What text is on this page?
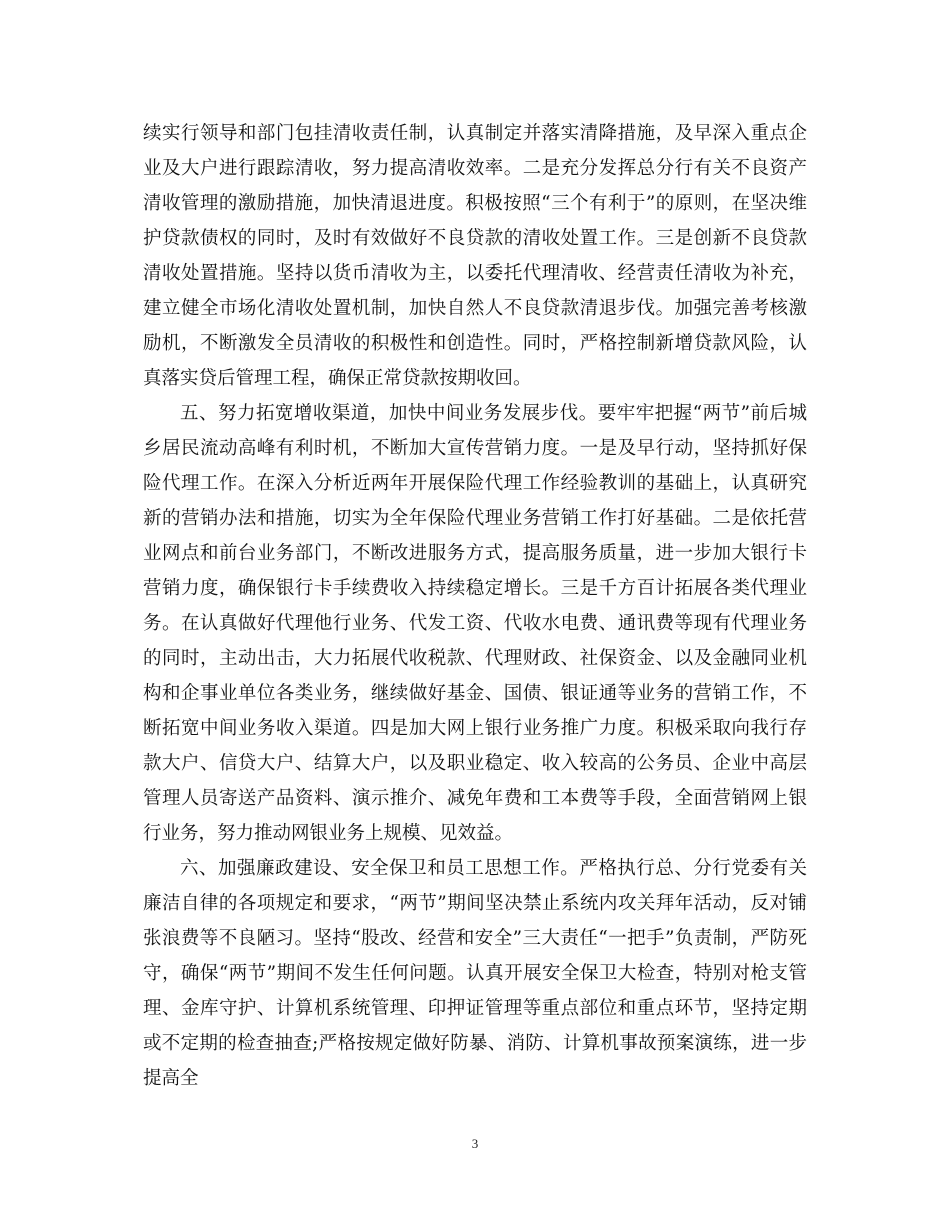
续实行领导和部门包挂清收责任制，认真制定并落实清降措施，及早深入重点企业及大户进行跟踪清收，努力提高清收效率。二是充分发挥总分行有关不良资产清收管理的激励措施，加快清退进度。积极按照“三个有利于”的原则，在坚决维护贷款债权的同时，及时有效做好不良贷款的清收处置工作。三是创新不良贷款清收处置措施。坚持以货币清收为主，以委托代理清收、经营责任清收为补充，建立健全市场化清收处置机制，加快自然人不良贷款清退步伐。加强完善考核激励机，不断激发全员清收的积极性和创造性。同时，严格控制新增贷款风险，认真落实贷后管理工程，确保正常贷款按期收回。

五、努力拓宽增收渠道，加快中间业务发展步伐。要牢牢把握“两节”前后城乡居民流动高峰有利时机，不断加大宣传营销力度。一是及早行动，坚持抓好保险代理工作。在深入分析近两年开展保险代理工作经验教训的基础上，认真研究新的营销办法和措施，切实为全年保险代理业务营销工作打好基础。二是依托营业网点和前台业务部门，不断改进服务方式，提高服务质量，进一步加大银行卡营销力度，确保银行卡手续费收入持续稳定增长。三是千方百计拓展各类代理业务。在认真做好代理他行业务、代发工资、代收水电费、通讯费等现有代理业务的同时，主动出击，大力拓展代收税款、代理财政、社保资金、以及金融同业机构和企事业单位各类业务，继续做好基金、国债、银证通等业务的营销工作，不断拓宽中间业务收入渠道。四是加大网上银行业务推广力度。积极采取向我行存款大户、信贷大户、结算大户，以及职业稳定、收入较高的公务员、企业中高层管理人员寄送产品资料、演示推介、减免年费和工本费等手段，全面营销网上银行业务，努力推动网银业务上规模、见效益。

六、加强廉政建设、安全保卫和员工思想工作。严格执行总、分行党委有关廉洁自律的各项规定和要求，“两节”期间坚决禁止系统内攻关拜年活动，反对铺张浪费等不良陋习。坚持“股改、经营和安全”三大责任“一把手”负责制，严防死守，确保“两节”期间不发生任何问题。认真开展安全保卫大检查，特别对枪支管理、金库守护、计算机系统管理、印押证管理等重点部位和重点环节，坚持定期或不定期的检查抽查;严格按规定做好防暴、消防、计算机事故预案演练，进一步提高全

3
